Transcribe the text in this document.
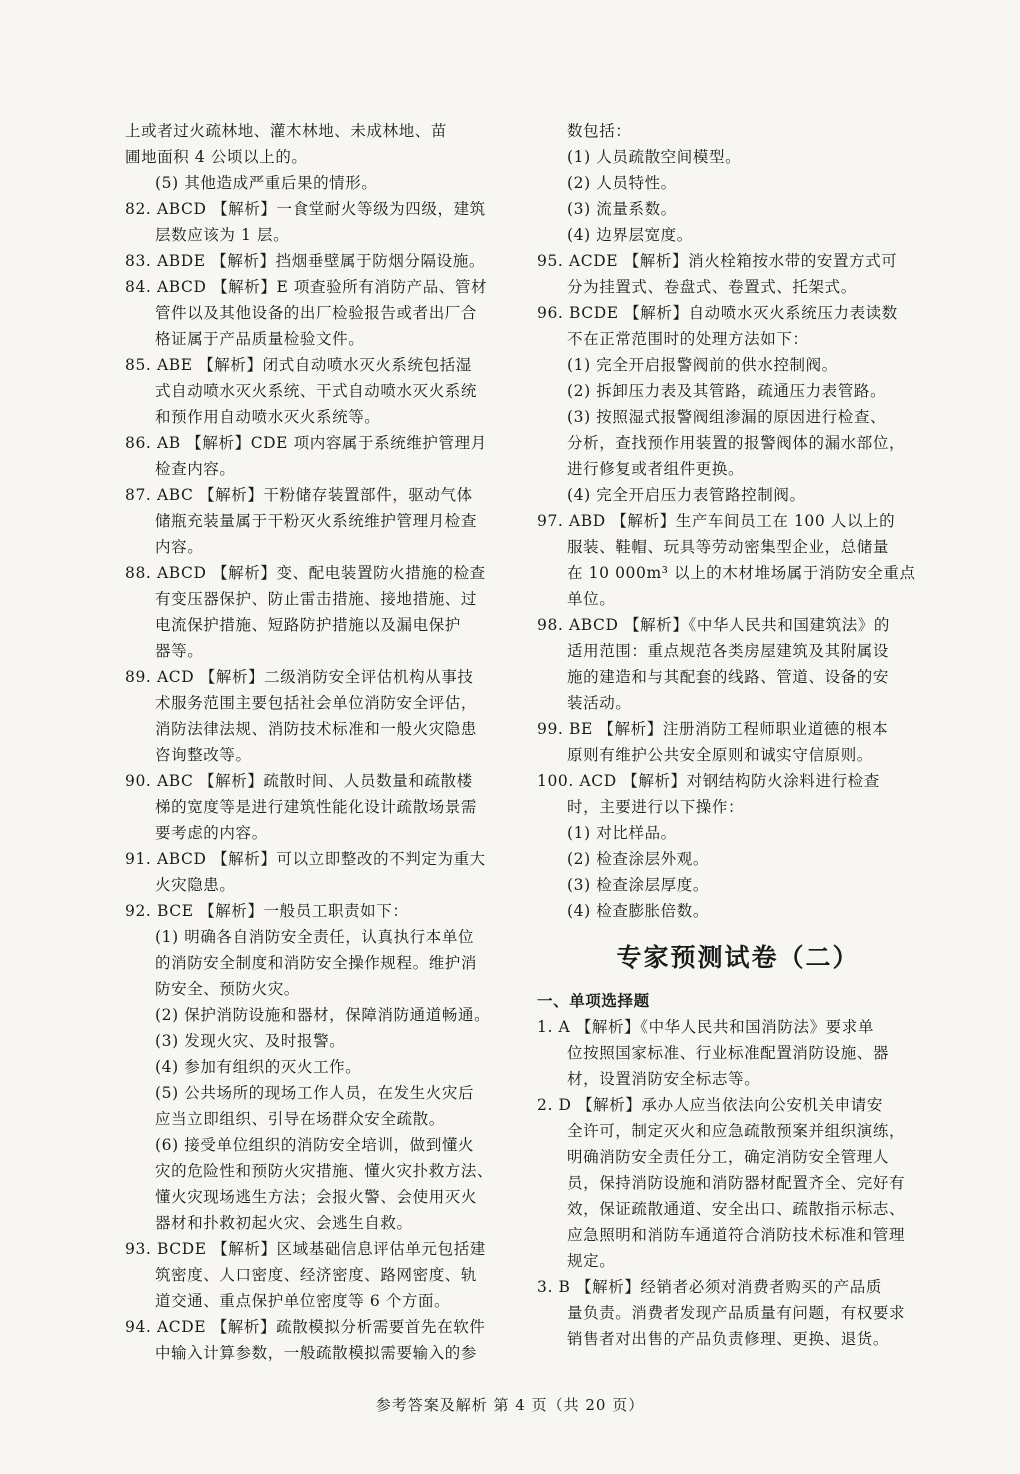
上或者过火疏林地、灌木林地、未成林地、苗
圃地面积 4 公顷以上的。
(5) 其他造成严重后果的情形。
82. ABCD 【解析】一食堂耐火等级为四级，建筑
层数应该为 1 层。
83. ABDE 【解析】挡烟垂壁属于防烟分隔设施。
84. ABCD 【解析】E 项查验所有消防产品、管材
管件以及其他设备的出厂检验报告或者出厂合
格证属于产品质量检验文件。
85. ABE 【解析】闭式自动喷水灭火系统包括湿
式自动喷水灭火系统、干式自动喷水灭火系统
和预作用自动喷水灭火系统等。
86. AB 【解析】CDE 项内容属于系统维护管理月
检查内容。
87. ABC 【解析】干粉储存装置部件，驱动气体
储瓶充装量属于干粉灭火系统维护管理月检查
内容。
88. ABCD 【解析】变、配电装置防火措施的检查
有变压器保护、防止雷击措施、接地措施、过
电流保护措施、短路防护措施以及漏电保护
器等。
89. ACD 【解析】二级消防安全评估机构从事技
术服务范围主要包括社会单位消防安全评估，
消防法律法规、消防技术标准和一般火灾隐患
咨询整改等。
90. ABC 【解析】疏散时间、人员数量和疏散楼
梯的宽度等是进行建筑性能化设计疏散场景需
要考虑的内容。
91. ABCD 【解析】可以立即整改的不判定为重大
火灾隐患。
92. BCE 【解析】一般员工职责如下：
(1) 明确各自消防安全责任，认真执行本单位
的消防安全制度和消防安全操作规程。维护消
防安全、预防火灾。
(2) 保护消防设施和器材，保障消防通道畅通。
(3) 发现火灾、及时报警。
(4) 参加有组织的灭火工作。
(5) 公共场所的现场工作人员，在发生火灾后
应当立即组织、引导在场群众安全疏散。
(6) 接受单位组织的消防安全培训，做到懂火
灾的危险性和预防火灾措施、懂火灾扑救方法、
懂火灾现场逃生方法；会报火警、会使用灭火
器材和扑救初起火灾、会逃生自救。
93. BCDE 【解析】区域基础信息评估单元包括建
筑密度、人口密度、经济密度、路网密度、轨
道交通、重点保护单位密度等 6 个方面。
94. ACDE 【解析】疏散模拟分析需要首先在软件
中输入计算参数，一般疏散模拟需要输入的参
数包括：
(1) 人员疏散空间模型。
(2) 人员特性。
(3) 流量系数。
(4) 边界层宽度。
95. ACDE 【解析】消火栓箱按水带的安置方式可
分为挂置式、卷盘式、卷置式、托架式。
96. BCDE 【解析】自动喷水灭火系统压力表读数
不在正常范围时的处理方法如下：
(1) 完全开启报警阀前的供水控制阀。
(2) 拆卸压力表及其管路，疏通压力表管路。
(3) 按照湿式报警阀组渗漏的原因进行检查、
分析，查找预作用装置的报警阀体的漏水部位，
进行修复或者组件更换。
(4) 完全开启压力表管路控制阀。
97. ABD 【解析】生产车间员工在 100 人以上的
服装、鞋帽、玩具等劳动密集型企业，总储量
在 10 000m³ 以上的木材堆场属于消防安全重点
单位。
98. ABCD 【解析】《中华人民共和国建筑法》的
适用范围：重点规范各类房屋建筑及其附属设
施的建造和与其配套的线路、管道、设备的安
装活动。
99. BE 【解析】注册消防工程师职业道德的根本
原则有维护公共安全原则和诚实守信原则。
100. ACD 【解析】对钢结构防火涂料进行检查
时，主要进行以下操作：
(1) 对比样品。
(2) 检查涂层外观。
(3) 检查涂层厚度。
(4) 检查膨胀倍数。
专家预测试卷（二）
一、单项选择题
1. A 【解析】《中华人民共和国消防法》要求单
位按照国家标准、行业标准配置消防设施、器
材，设置消防安全标志等。
2. D 【解析】承办人应当依法向公安机关申请安
全许可，制定灭火和应急疏散预案并组织演练，
明确消防安全责任分工，确定消防安全管理人
员，保持消防设施和消防器材配置齐全、完好有
效，保证疏散通道、安全出口、疏散指示标志、
应急照明和消防车通道符合消防技术标准和管理
规定。
3. B 【解析】经销者必须对消费者购买的产品质
量负责。消费者发现产品质量有问题，有权要求
销售者对出售的产品负责修理、更换、退货。
参考答案及解析 第 4 页（共 20 页）
